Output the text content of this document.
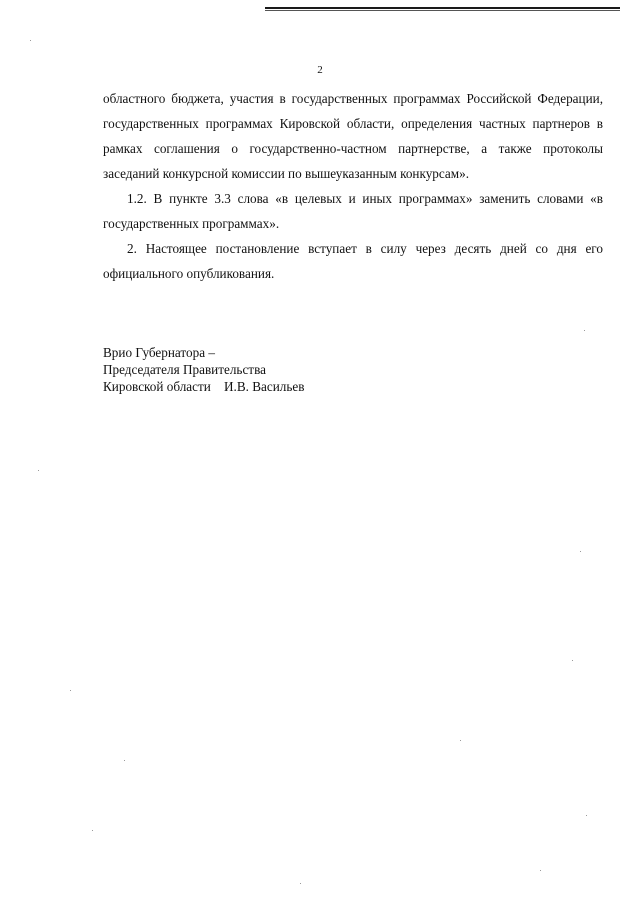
2

областного бюджета, участия в государственных программах Российской Федерации, государственных программах Кировской области, определения частных партнеров в рамках соглашения о государственно-частном партнерстве, а также протоколы заседаний конкурсной комиссии по вышеуказанным конкурсам».

1.2. В пункте 3.3 слова «в целевых и иных программах» заменить словами «в государственных программах».

2. Настоящее постановление вступает в силу через десять дней со дня его официального опубликования.

Врио Губернатора –
Председателя Правительства
Кировской области    И.В. Васильев
